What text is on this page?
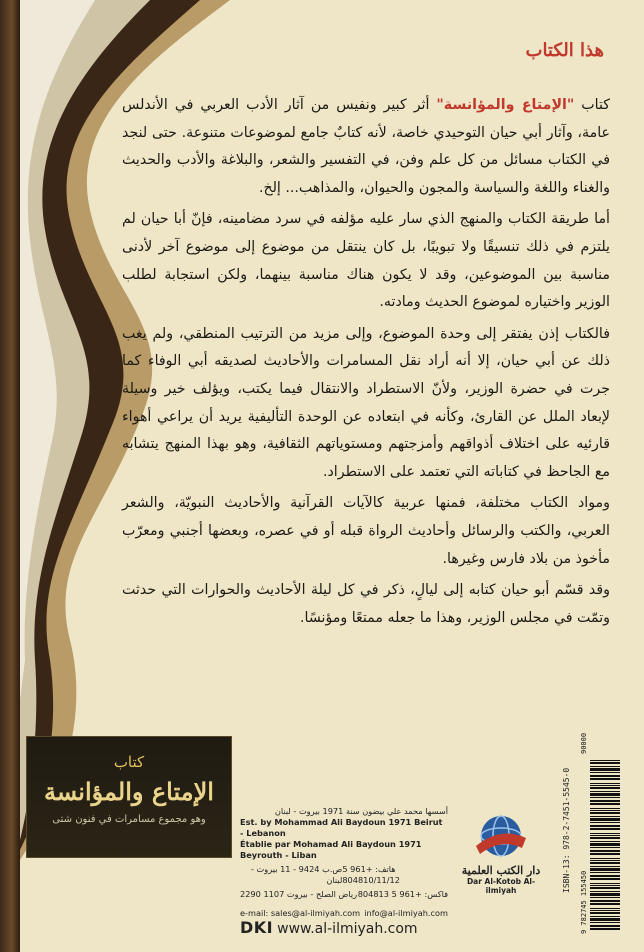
هذا الكتاب

كتاب "الإمتاع والمؤانسة" أثر كبير ونفيس من آثار الأدب العربي في الأندلس عامة، وآثار أبي حيان التوحيدي خاصة، لأنه كتابٌ جامع لموضوعات متنوعة. حتى لنجد في الكتاب مسائل من كل علم وفن، في التفسير والشعر، والبلاغة والأدب والحديث والغناء واللغة والسياسة والمجون والحيوان، والمذاهب... إلخ.

أما طريقة الكتاب والمنهج الذي سار عليه مؤلفه في سرد مضامينه، فإنّ أبا حيان لم يلتزم في ذلك تنسيقًا ولا تبويبًا، بل كان ينتقل من موضوع إلى موضوع آخر لأدنى مناسبة بين الموضوعين، وقد لا يكون هناك مناسبة بينهما، ولكن استجابة لطلب الوزير واختياره لموضوع الحديث ومادته.

فالكتاب إذن يفتقر إلى وحدة الموضوع، وإلى مزيد من الترتيب المنطقي، ولم يغب ذلك عن أبي حيان، إلا أنه أراد نقل المسامرات والأحاديث لصديقه أبي الوفاء كما جرت في حضرة الوزير، ولأنّ الاستطراد والانتقال فيما يكتب، ويؤلف خير وسيلة لإبعاد الملل عن القارئ، وكأنه في ابتعاده عن الوحدة التأليفية يريد أن يراعي أهواء قارئيه على اختلاف أذواقهم وأمزجتهم ومستوياتهم الثقافية، وهو بهذا المنهج يتشابه مع الجاحظ في كتاباته التي تعتمد على الاستطراد.

ومواد الكتاب مختلفة، فمنها عربية كالآيات القرآنية والأحاديث النبويّة، والشعر العربي، والكتب والرسائل وأحاديث الرواة قبله أو في عصره، وبعضها أجنبي ومعرّب مأخوذ من بلاد فارس وغيرها.

وقد قسّم أبو حيان كتابه إلى ليالٍ، ذكر في كل ليلة الأحاديث والحوارات التي حدثت وتمّت في مجلس الوزير، وهذا ما جعله ممتعًا ومؤنسًا.

كتاب
الإمتاع والمؤانسة
وهو مجموع مسامرات في فنون شتى
أسسها محمد علي بيضون سنة 1971 بيروت - لبنان
Est. by Mohammad Ali Baydoun 1971 Beirut - Lebanon
Établie par Mohamad Ali Baydoun 1971 Beyrouth - Liban
ص.ب 9424 - 11 بيروت - لبنان
هاتف: +961 5 804810/11/12
رياض الصلح - بيروت 1107 2290 فاكس: +961 5 804813
e-mail: sales@al-ilmiyah.com info@al-ilmiyah.com
DKI www.al-ilmiyah.com
دار الكتب العلمية
Dar Al-Kotob Al-ilmiyah	ISBN-13: 978-2-7451-5545-0
9 782745 155450
90000
